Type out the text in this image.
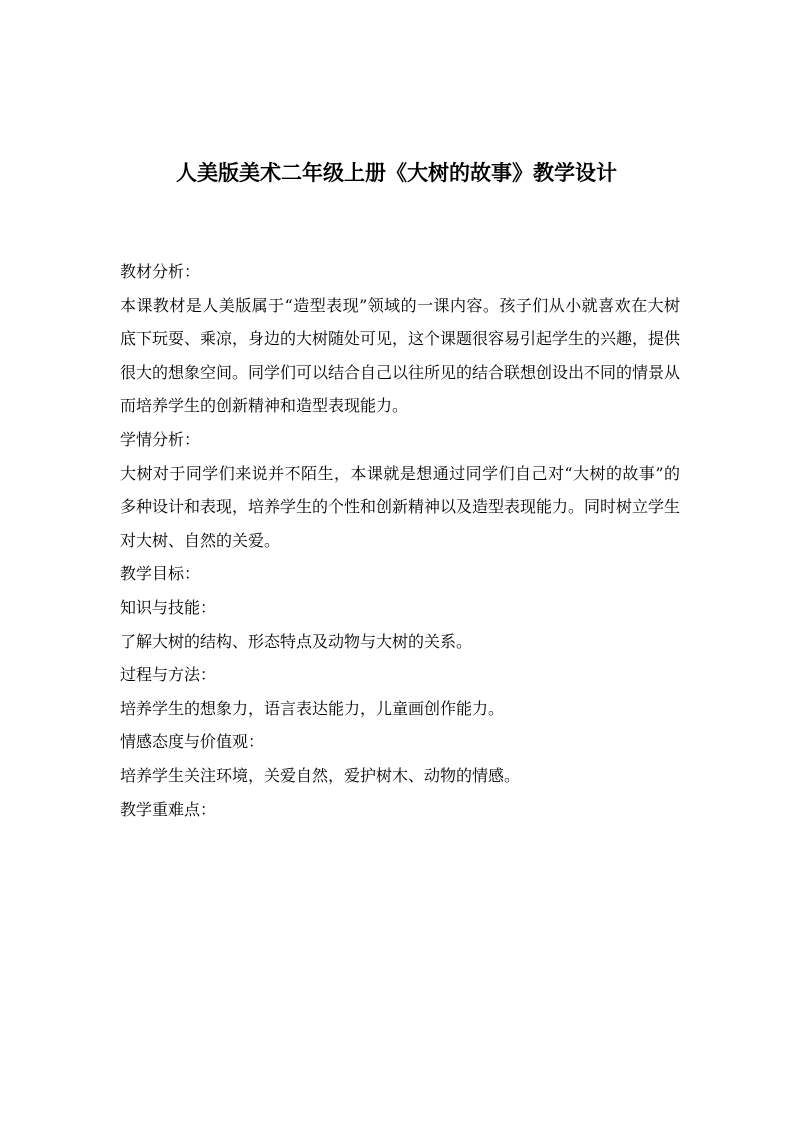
人美版美术二年级上册《大树的故事》教学设计

教材分析：

本课教材是人美版属于“造型表现”领域的一课内容。孩子们从小就喜欢在大树底下玩耍、乘凉，身边的大树随处可见，这个课题很容易引起学生的兴趣，提供很大的想象空间。同学们可以结合自己以往所见的结合联想创设出不同的情景从而培养学生的创新精神和造型表现能力。

学情分析：

大树对于同学们来说并不陌生，本课就是想通过同学们自己对“大树的故事”的多种设计和表现，培养学生的个性和创新精神以及造型表现能力。同时树立学生对大树、自然的关爱。

教学目标：

知识与技能：

了解大树的结构、形态特点及动物与大树的关系。

过程与方法：

培养学生的想象力，语言表达能力，儿童画创作能力。

情感态度与价值观：

培养学生关注环境，关爱自然，爱护树木、动物的情感。

教学重难点：
